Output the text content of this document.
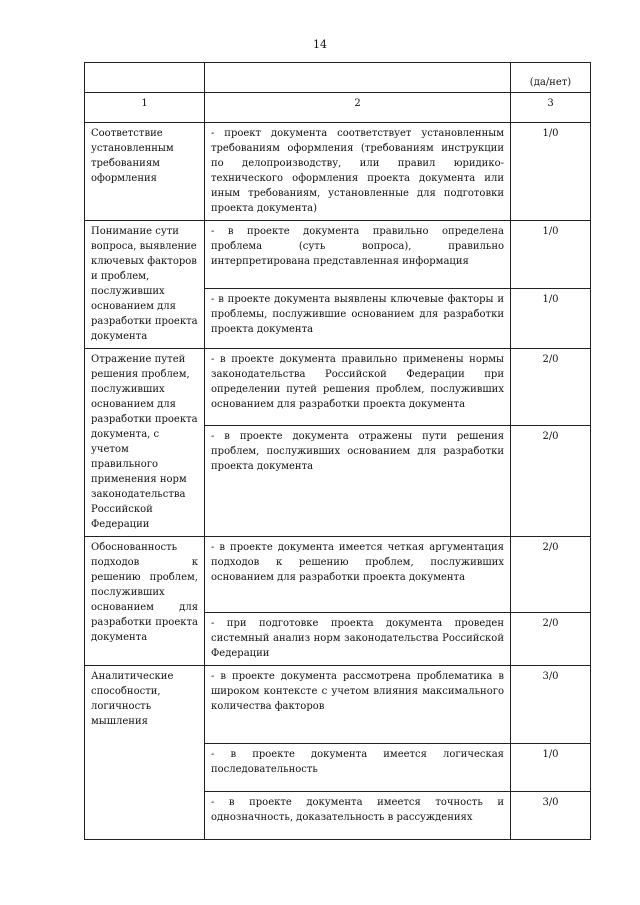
14
		(да/нет)
1	2	3
Соответствие установленным требованиям оформления	- проект документа соответствует установленным требованиям оформления (требованиям инструкции по делопроизводству, или правил юридико-технического оформления проекта документа или иным требованиям, установленные для подготовки проекта документа)	1/0
Понимание сути вопроса, выявление ключевых факторов и проблем, послуживших основанием для разработки проекта документа	- в проекте документа правильно определена проблема (суть вопроса), правильно интерпретирована представленная информация	1/0
	- в проекте документа выявлены ключевые факторы и проблемы, послужившие основанием для разработки проекта документа	1/0
Отражение путей решения проблем, послуживших основанием для разработки проекта документа, с учетом правильного применения норм законодательства Российской Федерации	- в проекте документа правильно применены нормы законодательства Российской Федерации при определении путей решения проблем, послуживших основанием для разработки проекта документа	2/0
	- в проекте документа отражены пути решения проблем, послуживших основанием для разработки проекта документа	2/0
Обоснованность подходов к решению проблем, послуживших основанием для разработки проекта документа	- в проекте документа имеется четкая аргументация подходов к решению проблем, послуживших основанием для разработки проекта документа	2/0
	- при подготовке проекта документа проведен системный анализ норм законодательства Российской Федерации	2/0
Аналитические способности, логичность мышления	- в проекте документа рассмотрена проблематика в широком контексте с учетом влияния максимального количества факторов	3/0
	- в проекте документа имеется логическая последовательность	1/0
	- в проекте документа имеется точность и однозначность, доказательность в рассуждениях	3/0
